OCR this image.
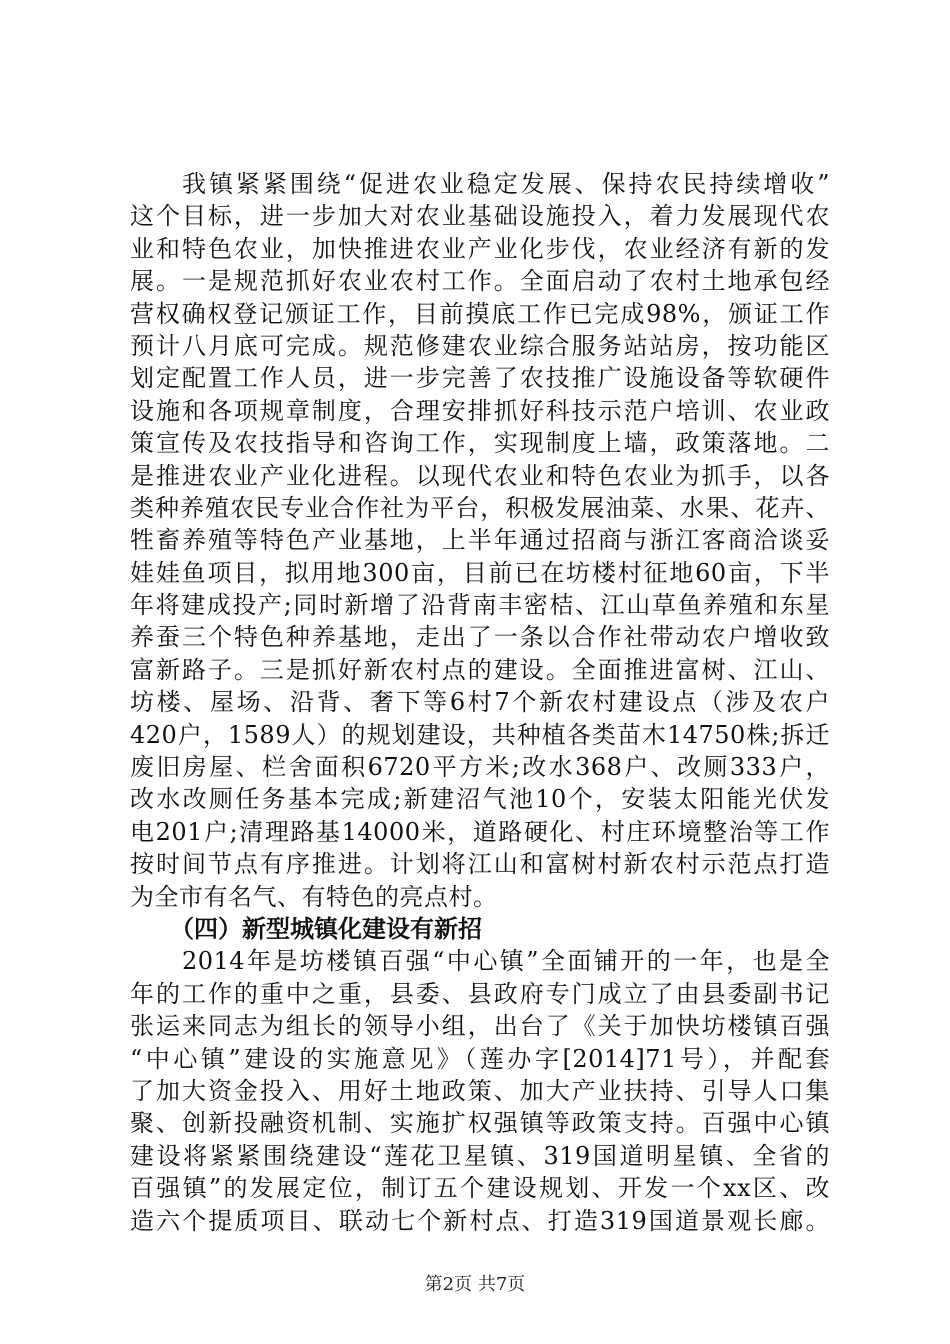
我镇紧紧围绕“促进农业稳定发展、保持农民持续增收”
这个目标，进一步加大对农业基础设施投入，着力发展现代农
业和特色农业，加快推进农业产业化步伐，农业经济有新的发
展。一是规范抓好农业农村工作。全面启动了农村土地承包经
营权确权登记颁证工作，目前摸底工作已完成98%，颁证工作
预计八月底可完成。规范修建农业综合服务站站房，按功能区
划定配置工作人员，进一步完善了农技推广设施设备等软硬件
设施和各项规章制度，合理安排抓好科技示范户培训、农业政
策宣传及农技指导和咨询工作，实现制度上墙，政策落地。二
是推进农业产业化进程。以现代农业和特色农业为抓手，以各
类种养殖农民专业合作社为平台，积极发展油菜、水果、花卉、
牲畜养殖等特色产业基地，上半年通过招商与浙江客商洽谈妥
娃娃鱼项目，拟用地300亩，目前已在坊楼村征地60亩，下半
年将建成投产;同时新增了沿背南丰密桔、江山草鱼养殖和东星
养蚕三个特色种养基地，走出了一条以合作社带动农户增收致
富新路子。三是抓好新农村点的建设。全面推进富树、江山、
坊楼、屋场、沿背、奢下等6村7个新农村建设点（涉及农户
420户，1589人）的规划建设，共种植各类苗木14750株;拆迁
废旧房屋、栏舍面积6720平方米;改水368户、改厕333户，
改水改厕任务基本完成;新建沼气池10个，安装太阳能光伏发
电201户;清理路基14000米，道路硬化、村庄环境整治等工作
按时间节点有序推进。计划将江山和富树村新农村示范点打造
为全市有名气、有特色的亮点村。
（四）新型城镇化建设有新招
2014年是坊楼镇百强“中心镇”全面铺开的一年，也是全
年的工作的重中之重，县委、县政府专门成立了由县委副书记
张运来同志为组长的领导小组，出台了《关于加快坊楼镇百强
“中心镇”建设的实施意见》（莲办字[2014]71号），并配套
了加大资金投入、用好土地政策、加大产业扶持、引导人口集
聚、创新投融资机制、实施扩权强镇等政策支持。百强中心镇
建设将紧紧围绕建设“莲花卫星镇、319国道明星镇、全省的
百强镇”的发展定位，制订五个建设规划、开发一个xx区、改
造六个提质项目、联动七个新村点、打造319国道景观长廊。
第2页 共7页
